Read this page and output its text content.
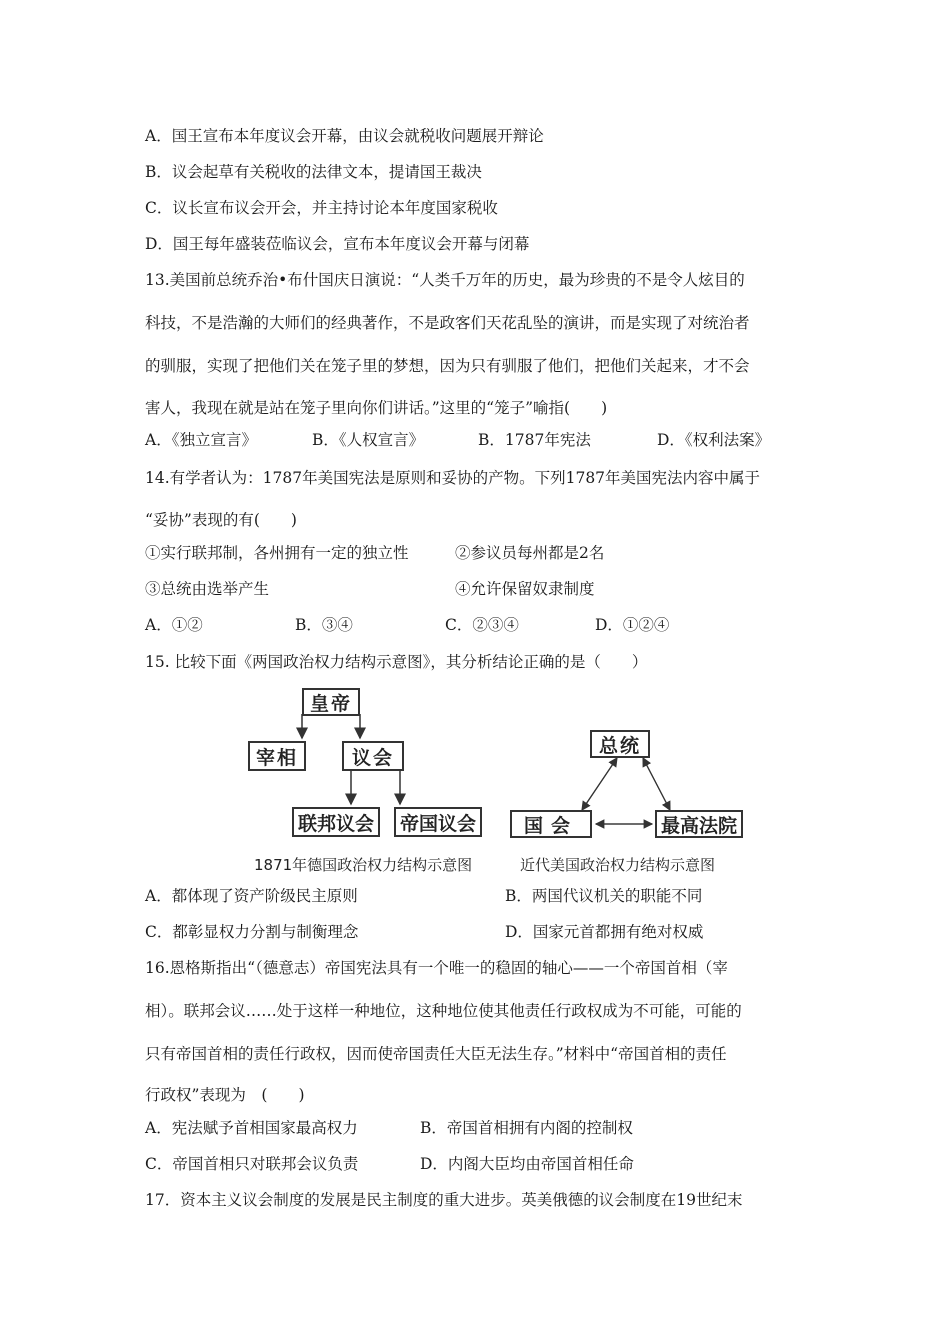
A．国王宣布本年度议会开幕，由议会就税收问题展开辩论
B．议会起草有关税收的法律文本，提请国王裁决
C．议长宣布议会开会，并主持讨论本年度国家税收
D．国王每年盛装莅临议会，宣布本年度议会开幕与闭幕
13.美国前总统乔治•布什国庆日演说：“人类千万年的历史，最为珍贵的不是令人炫目的
科技，不是浩瀚的大师们的经典著作，不是政客们天花乱坠的演讲，而是实现了对统治者
的驯服，实现了把他们关在笼子里的梦想，因为只有驯服了他们，把他们关起来，才不会
害人，我现在就是站在笼子里向你们讲话。”这里的“笼子”喻指(　　)
A．《独立宣言》	B．《人权宣言》	B．1787年宪法	D．《权利法案》
14.有学者认为：1787年美国宪法是原则和妥协的产物。下列1787年美国宪法内容中属于
“妥协”表现的有(　　)
①实行联邦制，各州拥有一定的独立性	②参议员每州都是2名
③总统由选举产生	④允许保留奴隶制度
A．①②	B．③④	C．②③④	D．①②④
15. 比较下面《两国政治权力结构示意图》，其分析结论正确的是（　　）
皇帝
宰相	议会
联邦议会	帝国议会
总统
国会	最高法院
1871年德国政治权力结构示意图	近代美国政治权力结构示意图
A．都体现了资产阶级民主原则	B．两国代议机关的职能不同
C．都彰显权力分割与制衡理念	D．国家元首都拥有绝对权威
16.恩格斯指出“（德意志）帝国宪法具有一个唯一的稳固的轴心——一个帝国首相（宰
相）。联邦会议……处于这样一种地位，这种地位使其他责任行政权成为不可能，可能的
只有帝国首相的责任行政权，因而使帝国责任大臣无法生存。”材料中“帝国首相的责任
行政权”表现为　(　　)
A．宪法赋予首相国家最高权力	B．帝国首相拥有内阁的控制权
C．帝国首相只对联邦会议负责	D．内阁大臣均由帝国首相任命
17．资本主义议会制度的发展是民主制度的重大进步。英美俄德的议会制度在19世纪末
